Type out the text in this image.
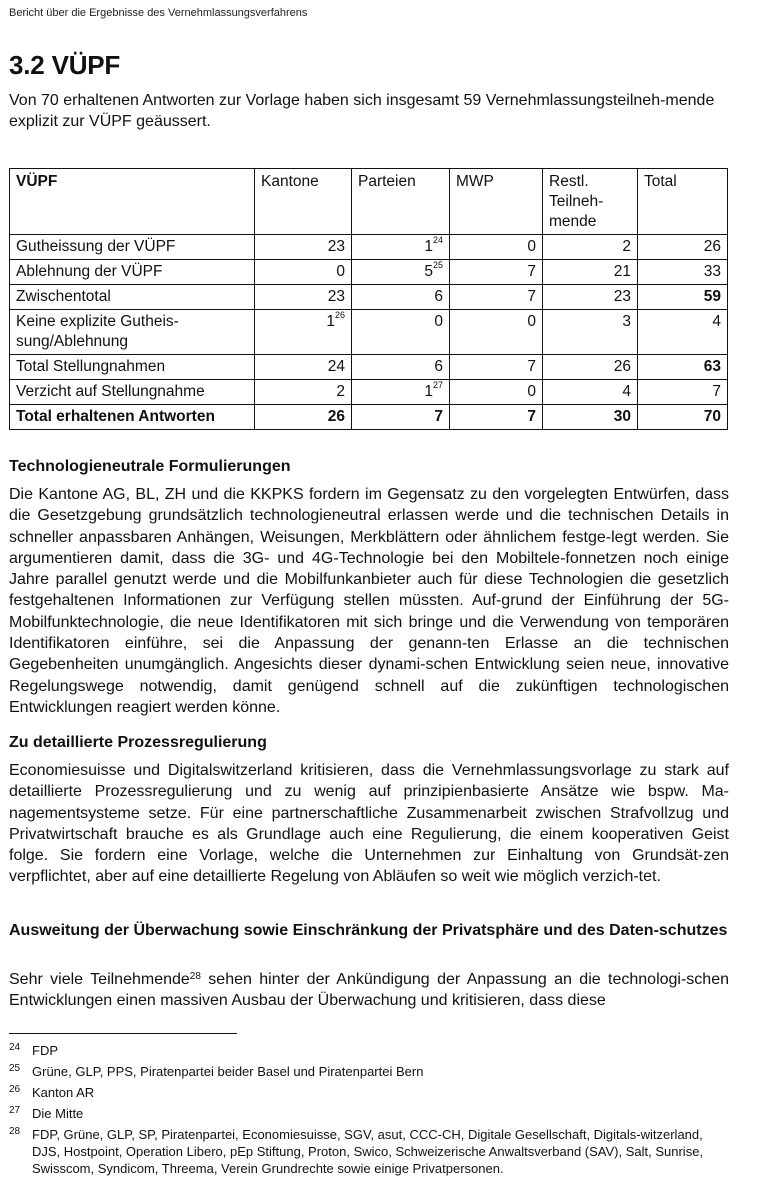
Bericht über die Ergebnisse des Vernehmlassungsverfahrens
3.2 VÜPF

Von 70 erhaltenen Antworten zur Vorlage haben sich insgesamt 59 Vernehmlassungsteilneh-mende explizit zur VÜPF geäussert.

VÜPF	Kantone	Parteien	MWP	Restl. Teilneh-mende	Total
Gutheissung der VÜPF	23	$1^{24}$	0	2	26
Ablehnung der VÜPF	0	$5^{25}$	7	21	33
Zwischentotal	23	6	7	23	59
Keine explizite Gutheis-sung/Ablehnung	$1^{26}$	0	0	3	4
Total Stellungnahmen	24	6	7	26	63
Verzicht auf Stellungnahme	2	$1^{27}$	0	4	7
Total erhaltenen Antworten	26	7	7	30	70
Technologieneutrale Formulierungen

Die Kantone AG, BL, ZH und die KKPKS fordern im Gegensatz zu den vorgelegten Entwürfen, dass die Gesetzgebung grundsätzlich technologieneutral erlassen werde und die technischen Details in schneller anpassbaren Anhängen, Weisungen, Merkblättern oder ähnlichem festge-legt werden. Sie argumentieren damit, dass die 3G- und 4G-Technologie bei den Mobiltele-fonnetzen noch einige Jahre parallel genutzt werde und die Mobilfunkanbieter auch für diese Technologien die gesetzlich festgehaltenen Informationen zur Verfügung stellen müssten. Auf-grund der Einführung der 5G-Mobilfunktechnologie, die neue Identifikatoren mit sich bringe und die Verwendung von temporären Identifikatoren einführe, sei die Anpassung der genann-ten Erlasse an die technischen Gegebenheiten unumgänglich. Angesichts dieser dynami-schen Entwicklung seien neue, innovative Regelungswege notwendig, damit genügend schnell auf die zukünftigen technologischen Entwicklungen reagiert werden könne.

Zu detaillierte Prozessregulierung

Economiesuisse und Digitalswitzerland kritisieren, dass die Vernehmlassungsvorlage zu stark auf detaillierte Prozessregulierung und zu wenig auf prinzipienbasierte Ansätze wie bspw. Ma-nagementsysteme setze. Für eine partnerschaftliche Zusammenarbeit zwischen Strafvollzug und Privatwirtschaft brauche es als Grundlage auch eine Regulierung, die einem kooperativen Geist folge. Sie fordern eine Vorlage, welche die Unternehmen zur Einhaltung von Grundsät-zen verpflichtet, aber auf eine detaillierte Regelung von Abläufen so weit wie möglich verzich-tet.

Ausweitung der Überwachung sowie Einschränkung der Privatsphäre und des Daten-schutzes

Sehr viele Teilnehmende$^{28}$ sehen hinter der Ankündigung der Anpassung an die technologi-schen Entwicklungen einen massiven Ausbau der Überwachung und kritisieren, dass diese

24 FDP
25 Grüne, GLP, PPS, Piratenpartei beider Basel und Piratenpartei Bern
26 Kanton AR
27 Die Mitte
28 FDP, Grüne, GLP, SP, Piratenpartei, Economiesuisse, SGV, asut, CCC-CH, Digitale Gesellschaft, Digitals-witzerland, DJS, Hostpoint, Operation Libero, pEp Stiftung, Proton, Swico, Schweizerische Anwaltsverband (SAV), Salt, Sunrise, Swisscom, Syndicom, Threema, Verein Grundrechte sowie einige Privatpersonen.
